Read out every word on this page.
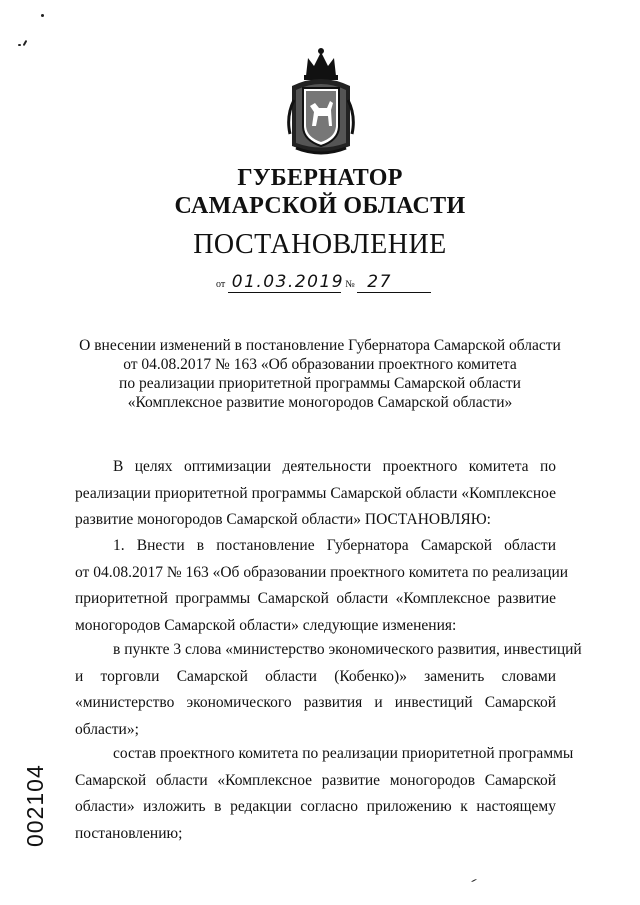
ГУБЕРНАТОР
САМАРСКОЙ ОБЛАСТИ
ПОСТАНОВЛЕНИЕ
от 01.03.2019 № 27
О внесении изменений в постановление Губернатора Самарской области
от 04.08.2017 № 163 «Об образовании проектного комитета
по реализации приоритетной программы Самарской области
«Комплексное развитие моногородов Самарской области»
В целях оптимизации деятельности проектного комитета по
реализации приоритетной программы Самарской области «Комплексное
развитие моногородов Самарской области» ПОСТАНОВЛЯЮ:
1. Внести в постановление Губернатора Самарской области
от 04.08.2017 № 163 «Об образовании проектного комитета по реализации
приоритетной программы Самарской области «Комплексное развитие
моногородов Самарской области» следующие изменения:
в пункте 3 слова «министерство экономического развития, инвестиций
и торговли Самарской области (Кобенко)» заменить словами
«министерство экономического развития и инвестиций Самарской
области»;
состав проектного комитета по реализации приоритетной программы
Самарской области «Комплексное развитие моногородов Самарской
области» изложить в редакции согласно приложению к настоящему
постановлению;
002104
